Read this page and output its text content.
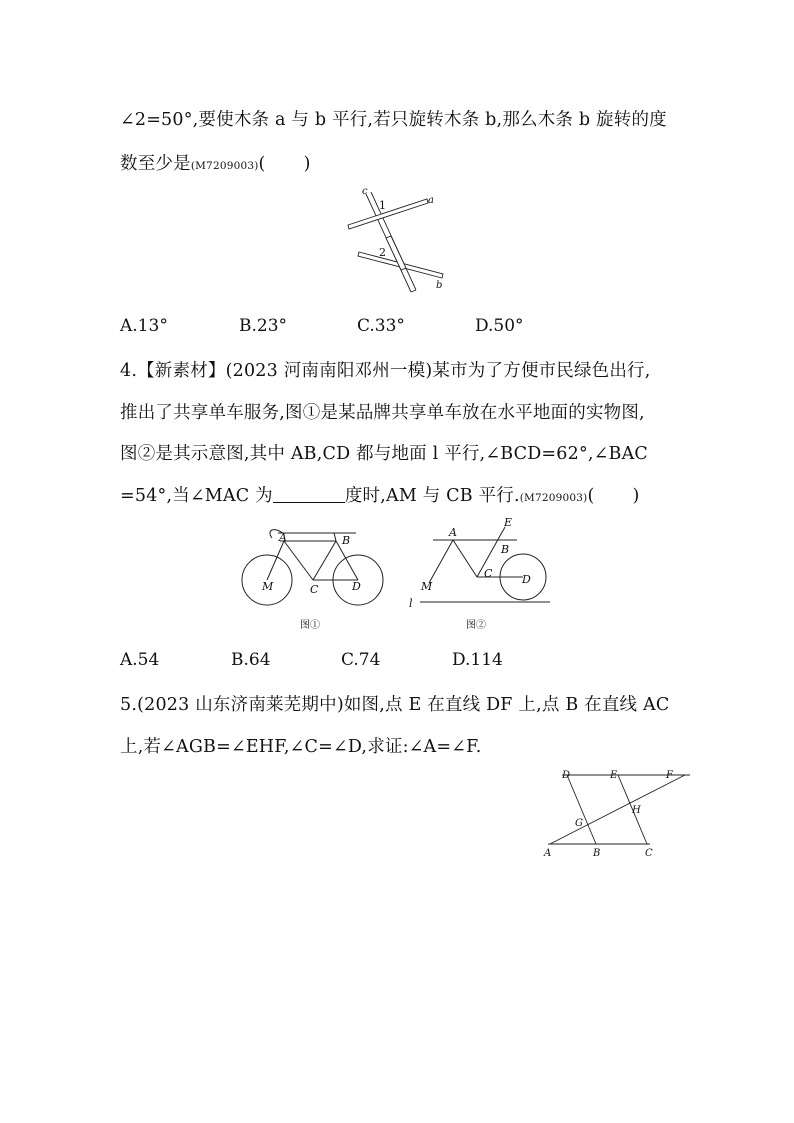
∠2=50°,要使木条 a 与 b 平行,若只旋转木条 b,那么木条 b 旋转的度
数至少是(M7209003)( )
c
a
b
1
2
A.13°	B.23°	C.33°	D.50°
4.【新素材】(2023 河南南阳邓州一模)某市为了方便市民绿色出行,
推出了共享单车服务,图①是某品牌共享单车放在水平地面的实物图,
图②是其示意图,其中 AB,CD 都与地面 l 平行,∠BCD=62°,∠BAC
=54°,当∠MAC 为	度时,AM 与 CB 平行.(M7209003)( )
A	B
C
M	D
图①
A
B
C	D
E
M
l
图②
A.54	B.64	C.74	D.114
5.(2023 山东济南莱芜期中)如图,点 E 在直线 DF 上,点 B 在直线 AC
上,若∠AGB=∠EHF,∠C=∠D,求证:∠A=∠F.
D	E	F
G
H
A	B	C
